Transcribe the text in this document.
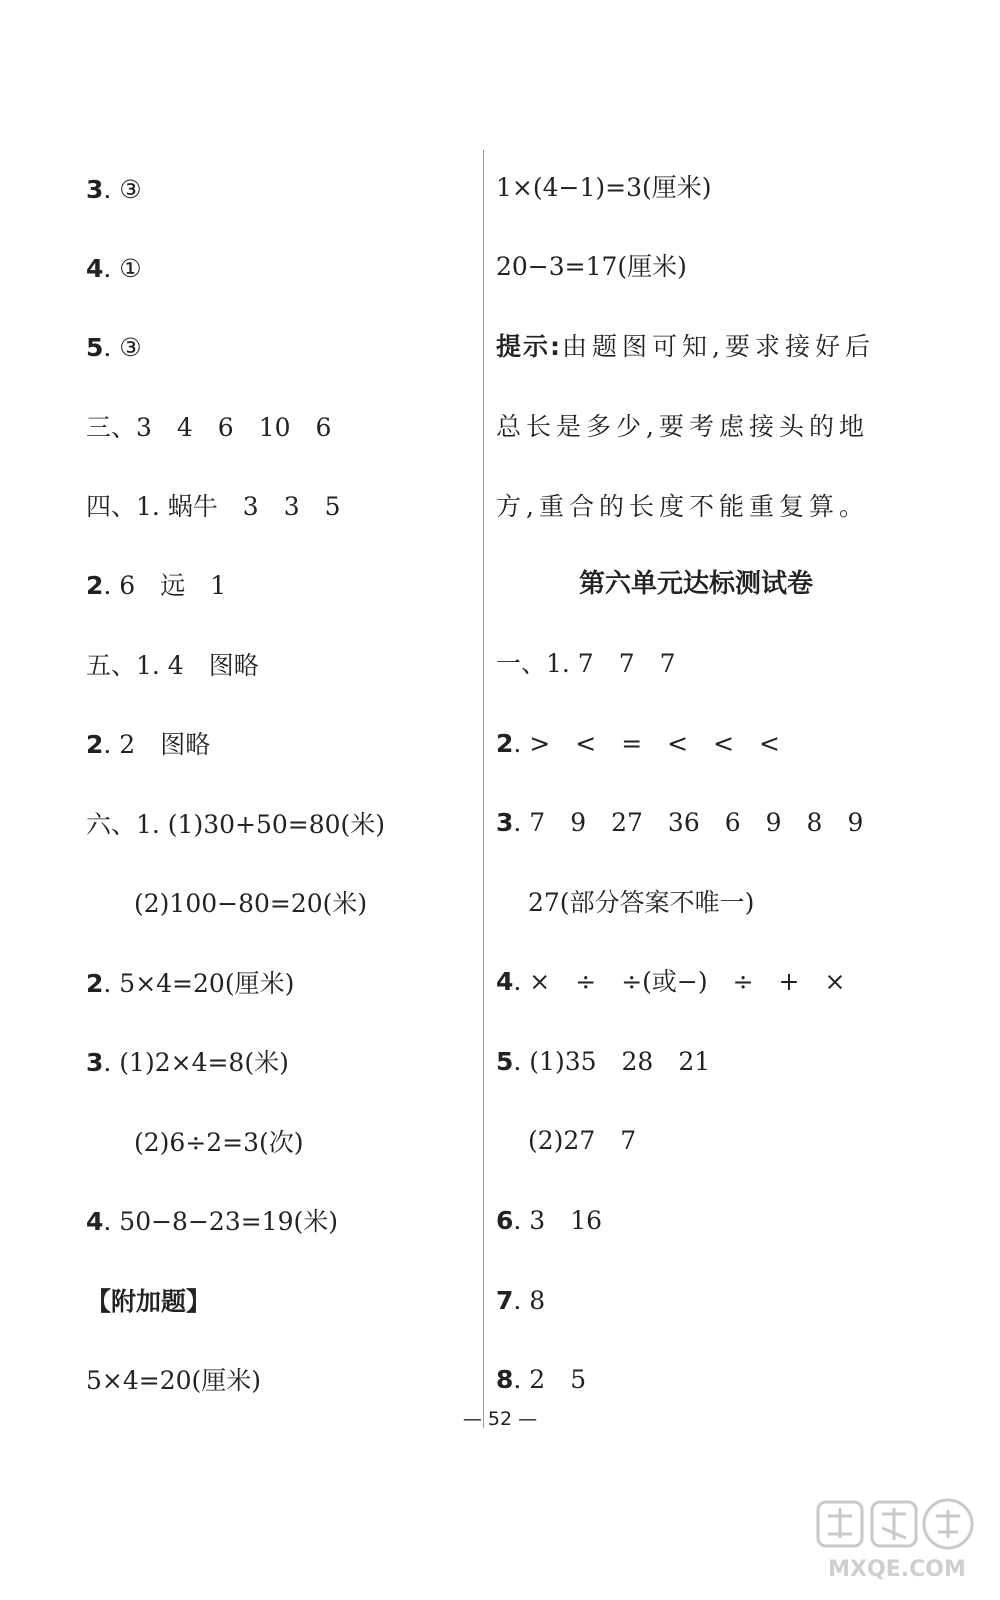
3. ③
4. ①
5. ③
三、3　4　6　10　6
四、1. 蜗牛　3　3　5
2. 6　远　1
五、1. 4　图略
2. 2　图略
六、1. (1)30+50=80(米)
(2)100−80=20(米)
2. 5×4=20(厘米)
3. (1)2×4=8(米)
(2)6÷2=3(次)
4. 50−8−23=19(米)
【附加题】
5×4=20(厘米)
1×(4−1)=3(厘米)
20−3=17(厘米)
提示:由题图可知,要求接好后总长是多少,要考虑接头的地方,重合的长度不能重复算。
第六单元达标测试卷
一、1. 7　7　7
2. >　<　=　<　<　<
3. 7　9　27　36　6　9　8　9
27(部分答案不唯一)
4. ×　÷　÷(或−)　÷　+　×
5. (1)35　28　21
(2)27　7
6. 3　16
7. 8
8. 2　5
— 52 —
MXQE.COM
